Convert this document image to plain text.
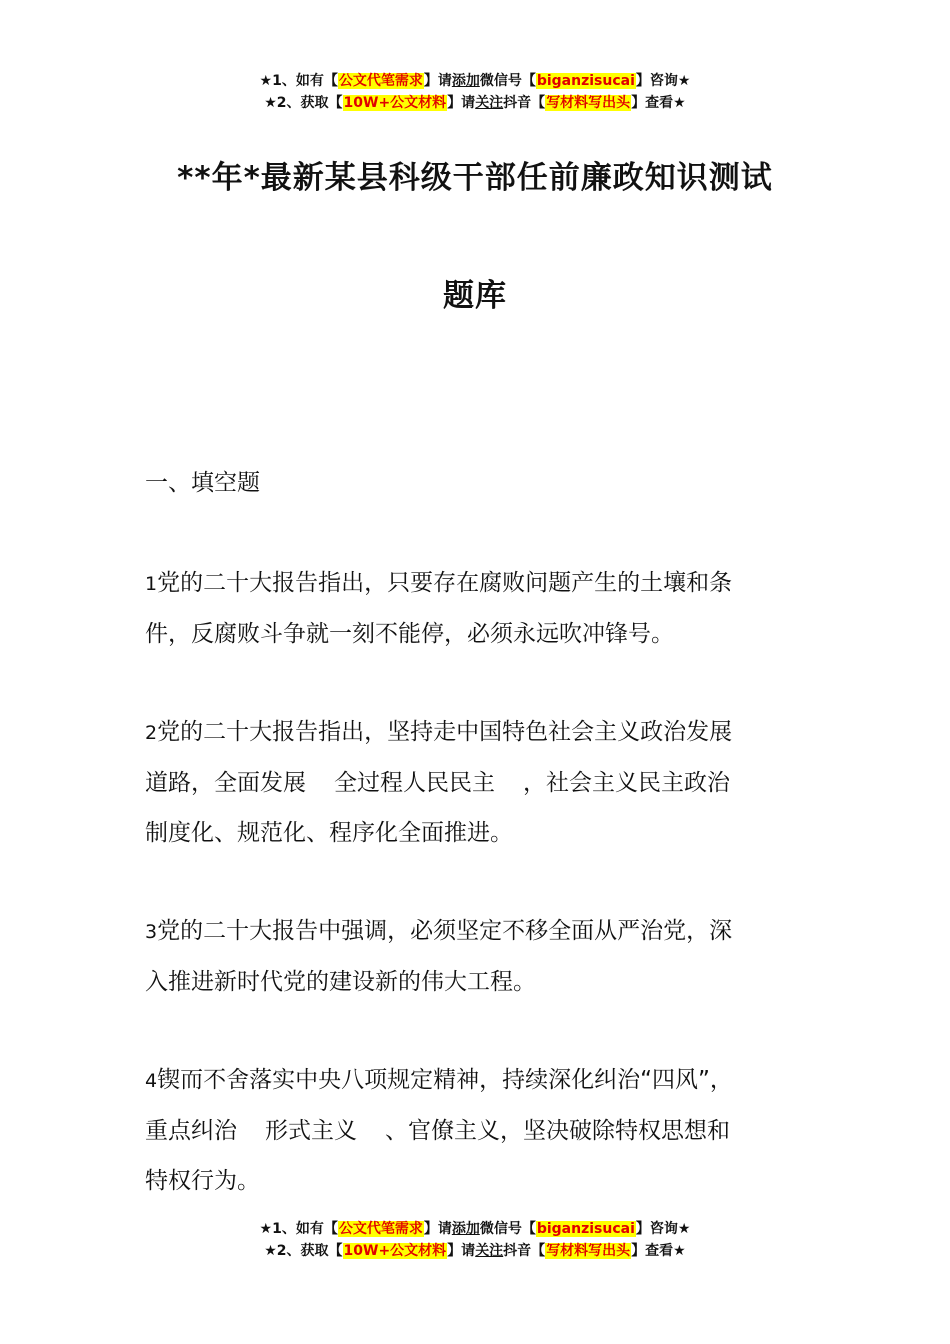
★1、如有【公文代笔需求】请添加微信号【biganzisucai】咨询★
★2、获取【10W+公文材料】请关注抖音【写材料写出头】查看★
**年*最新某县科级干部任前廉政知识测试
题库
一、填空题
1党的二十大报告指出，只要存在腐败问题产生的土壤和条
件，反腐败斗争就一刻不能停，必须永远吹冲锋号。
2党的二十大报告指出，坚持走中国特色社会主义政治发展
道路，全面发展 全过程人民民主 ，社会主义民主政治
制度化、规范化、程序化全面推进。
3党的二十大报告中强调，必须坚定不移全面从严治党，深
入推进新时代党的建设新的伟大工程。
4锲而不舍落实中央八项规定精神，持续深化纠治“四风”，
重点纠治 形式主义 、官僚主义，坚决破除特权思想和
特权行为。
★1、如有【公文代笔需求】请添加微信号【biganzisucai】咨询★
★2、获取【10W+公文材料】请关注抖音【写材料写出头】查看★
